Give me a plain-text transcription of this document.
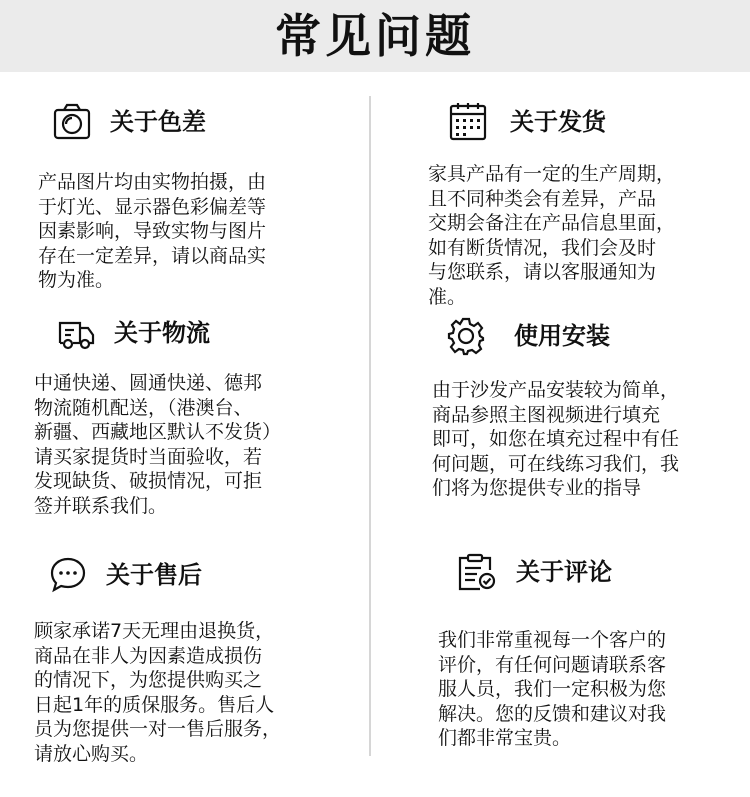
常见问题
关于色差
产品图片均由实物拍摄，由
于灯光、显示器色彩偏差等
因素影响，导致实物与图片
存在一定差异，请以商品实
物为准。
关于发货
家具产品有一定的生产周期，
且不同种类会有差异，产品
交期会备注在产品信息里面，
如有断货情况，我们会及时
与您联系，请以客服通知为
准。
关于物流
中通快递、圆通快递、德邦
物流随机配送，（港澳台、
新疆、西藏地区默认不发货）
请买家提货时当面验收，若
发现缺货、破损情况，可拒
签并联系我们。
使用安装
由于沙发产品安装较为简单，
商品参照主图视频进行填充
即可，如您在填充过程中有任
何问题，可在线练习我们，我
们将为您提供专业的指导
关于售后
顾家承诺7天无理由退换货，
商品在非人为因素造成损伤
的情况下，为您提供购买之
日起1年的质保服务。售后人
员为您提供一对一售后服务，
请放心购买。
关于评论
我们非常重视每一个客户的
评价，有任何问题请联系客
服人员，我们一定积极为您
解决。您的反馈和建议对我
们都非常宝贵。
